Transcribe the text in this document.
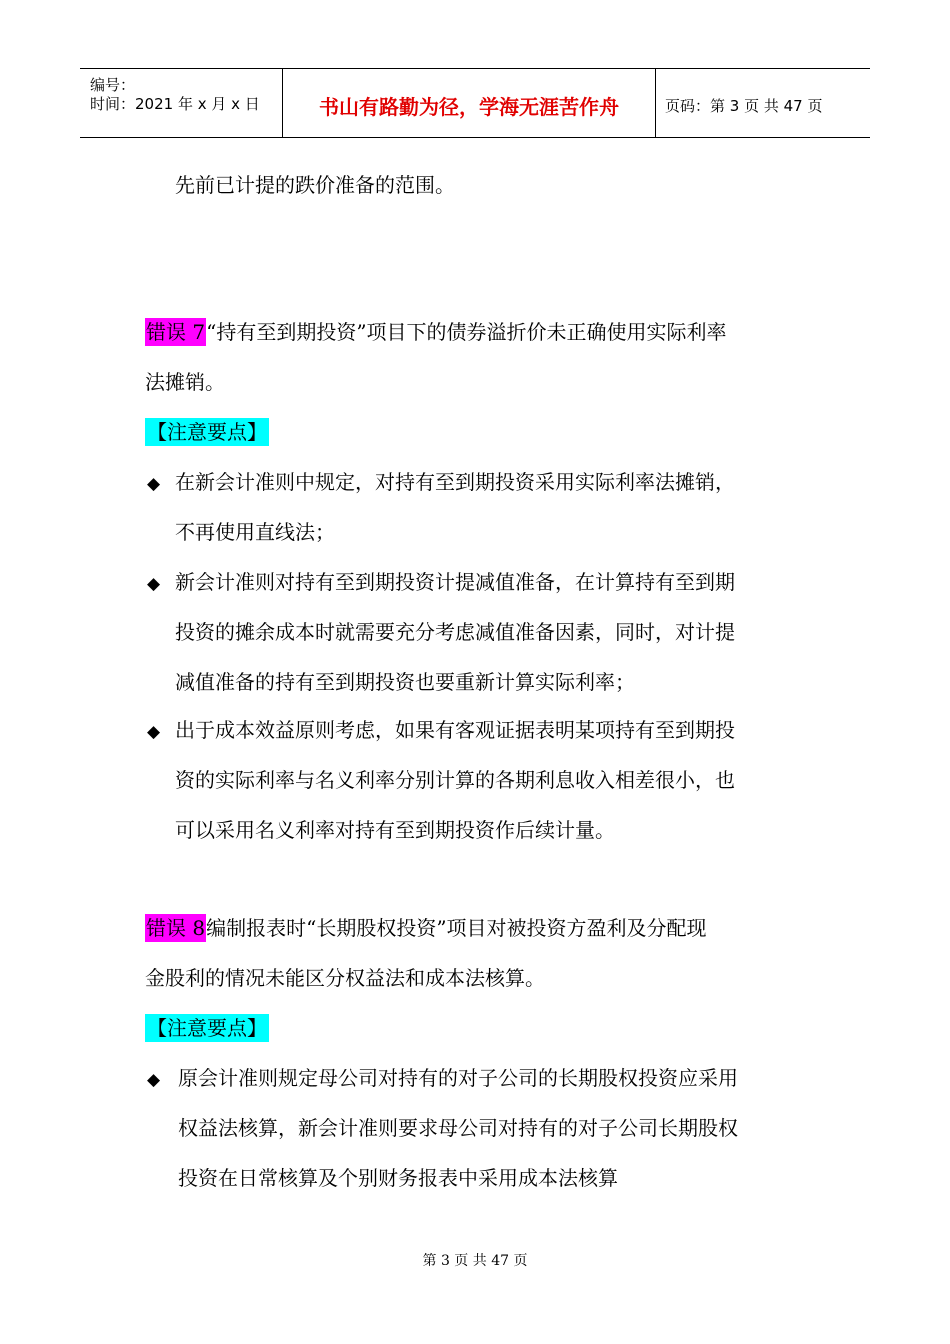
编号：
时间：2021 年 x 月 x 日	书山有路勤为径，学海无涯苦作舟	页码：第 3 页 共 47 页
先前已计提的跌价准备的范围。
错误 7“持有至到期投资”项目下的债券溢折价未正确使用实际利率
法摊销。
【注意要点】
◆ 在新会计准则中规定，对持有至到期投资采用实际利率法摊销，
不再使用直线法；
◆ 新会计准则对持有至到期投资计提减值准备，在计算持有至到期
投资的摊余成本时就需要充分考虑减值准备因素，同时，对计提
减值准备的持有至到期投资也要重新计算实际利率；
◆ 出于成本效益原则考虑，如果有客观证据表明某项持有至到期投
资的实际利率与名义利率分别计算的各期利息收入相差很小，也
可以采用名义利率对持有至到期投资作后续计量。
错误 8编制报表时“长期股权投资”项目对被投资方盈利及分配现
金股利的情况未能区分权益法和成本法核算。
【注意要点】
◆ 原会计准则规定母公司对持有的对子公司的长期股权投资应采用
权益法核算，新会计准则要求母公司对持有的对子公司长期股权
投资在日常核算及个别财务报表中采用成本法核算
第 3 页 共 47 页
